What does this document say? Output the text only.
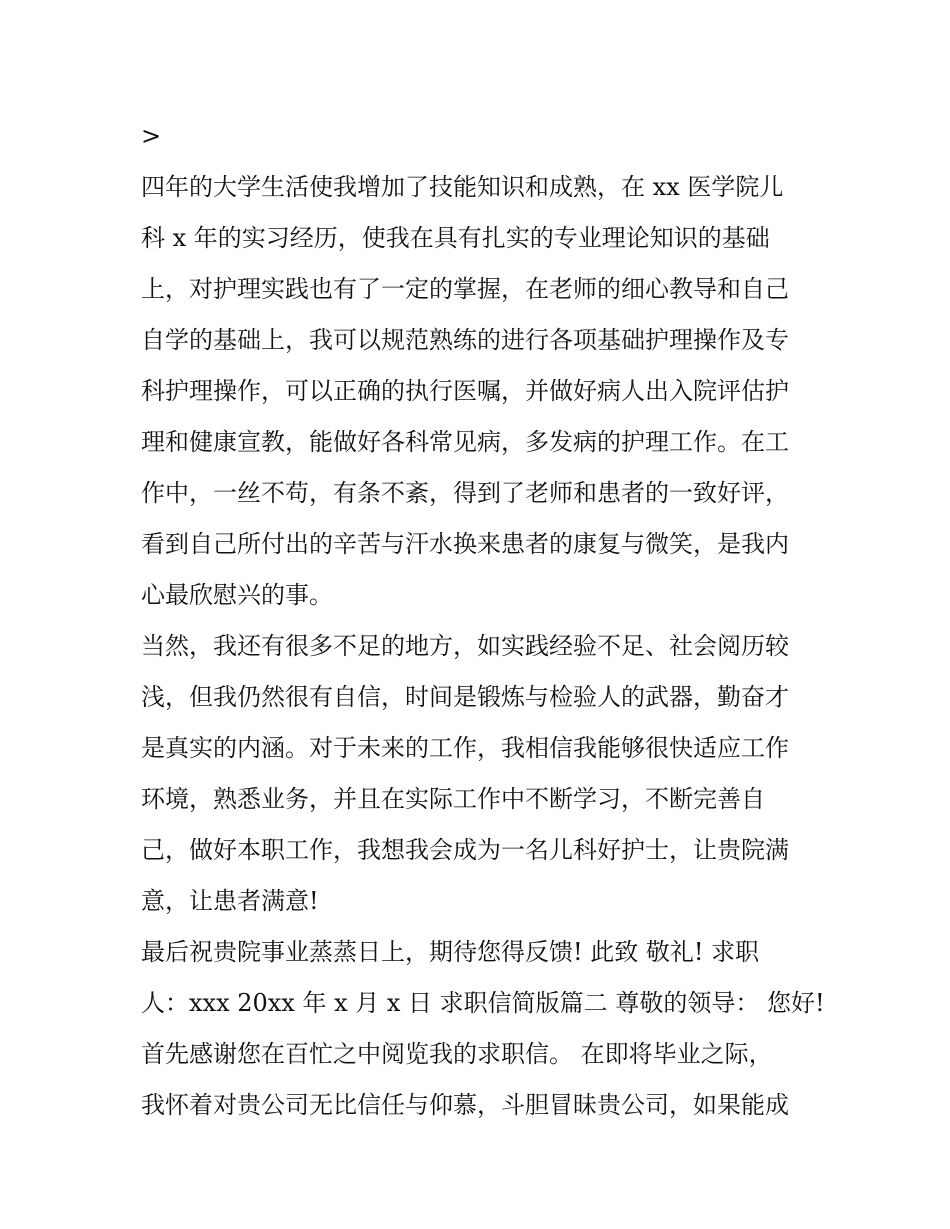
>
四年的大学生活使我增加了技能知识和成熟，在 xx 医学院儿
科 x 年的实习经历，使我在具有扎实的专业理论知识的基础
上，对护理实践也有了一定的掌握，在老师的细心教导和自己
自学的基础上，我可以规范熟练的进行各项基础护理操作及专
科护理操作，可以正确的执行医嘱，并做好病人出入院评估护
理和健康宣教，能做好各科常见病，多发病的护理工作。在工
作中，一丝不苟，有条不紊，得到了老师和患者的一致好评，
看到自己所付出的辛苦与汗水换来患者的康复与微笑，是我内
心最欣慰兴的事。
当然，我还有很多不足的地方，如实践经验不足、社会阅历较
浅，但我仍然很有自信，时间是锻炼与检验人的武器，勤奋才
是真实的内涵。对于未来的工作，我相信我能够很快适应工作
环境，熟悉业务，并且在实际工作中不断学习，不断完善自
己，做好本职工作，我想我会成为一名儿科好护士，让贵院满
意，让患者满意!
最后祝贵院事业蒸蒸日上，期待您得反馈! 此致 敬礼! 求职
人：xxx 20xx 年 x 月 x 日 求职信简版篇二 尊敬的领导： 您好!
首先感谢您在百忙之中阅览我的求职信。 在即将毕业之际，
我怀着对贵公司无比信任与仰慕，斗胆冒昧贵公司，如果能成
